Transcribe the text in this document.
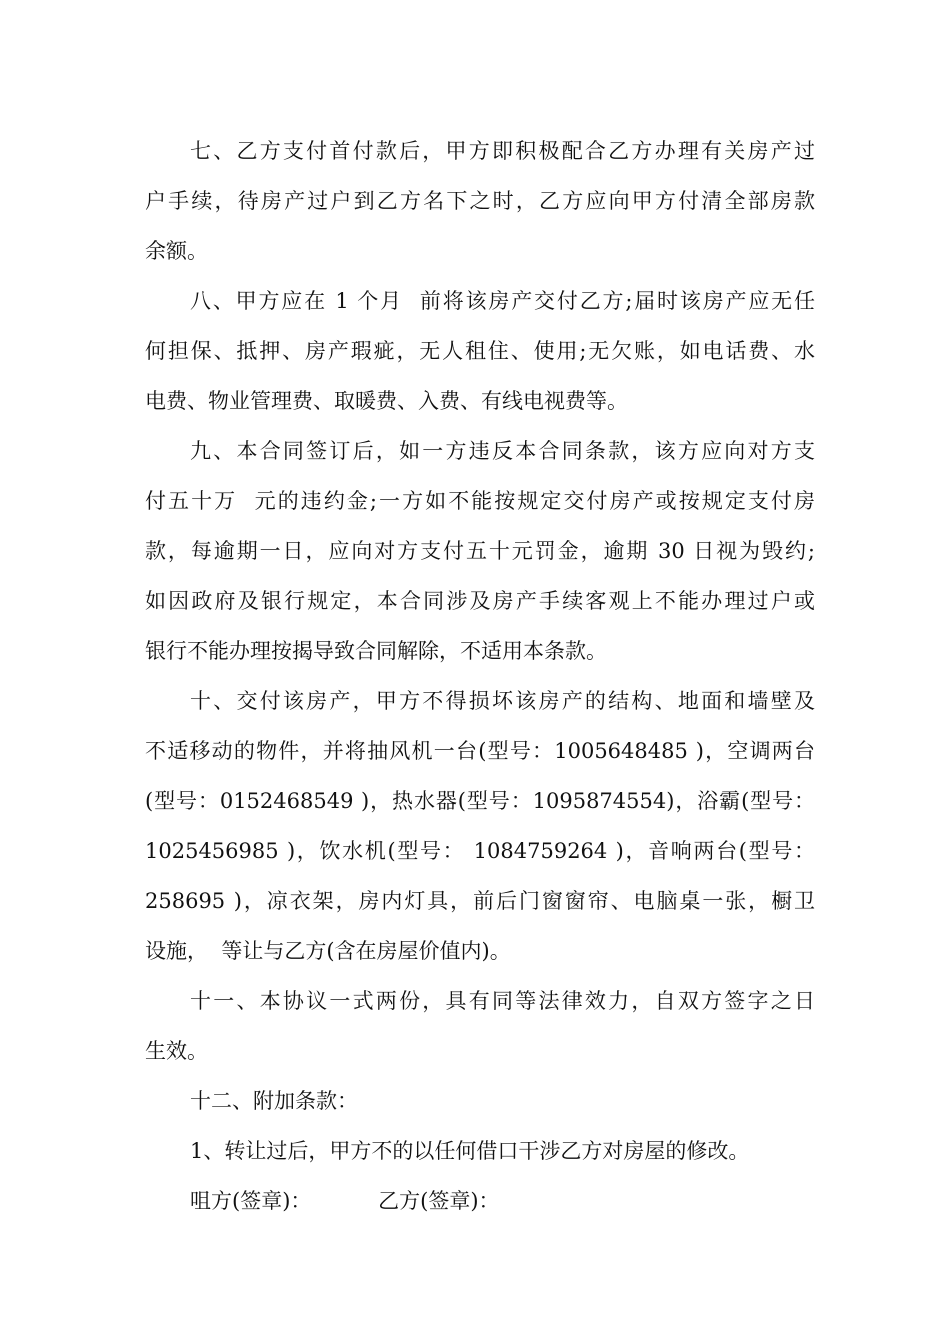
七、乙方支付首付款后，甲方即积极配合乙方办理有关房产过
户手续，待房产过户到乙方名下之时，乙方应向甲方付清全部房款
余额。
八、甲方应在 1 个月  前将该房产交付乙方;届时该房产应无任
何担保、抵押、房产瑕疵，无人租住、使用;无欠账，如电话费、水
电费、物业管理费、取暖费、入费、有线电视费等。
九、本合同签订后，如一方违反本合同条款，该方应向对方支
付五十万  元的违约金;一方如不能按规定交付房产或按规定支付房
款，每逾期一日，应向对方支付五十元罚金，逾期 30 日视为毁约;
如因政府及银行规定，本合同涉及房产手续客观上不能办理过户或
银行不能办理按揭导致合同解除，不适用本条款。
十、交付该房产，甲方不得损坏该房产的结构、地面和墙壁及
不适移动的物件，并将抽风机一台(型号：1005648485 )，空调两台
(型号：0152468549 )，热水器(型号：1095874554)，浴霸(型号：
1025456985 )，饮水机(型号： 1084759264 )，音响两台(型号：
258695 )，凉衣架，房内灯具，前后门窗窗帘、电脑桌一张，橱卫
设施，  等让与乙方(含在房屋价值内)。
十一、本协议一式两份，具有同等法律效力，自双方签字之日
生效。
十二、附加条款：
1、转让过后，甲方不的以任何借口干涉乙方对房屋的修改。
咀方(签章)：          乙方(签章)：
